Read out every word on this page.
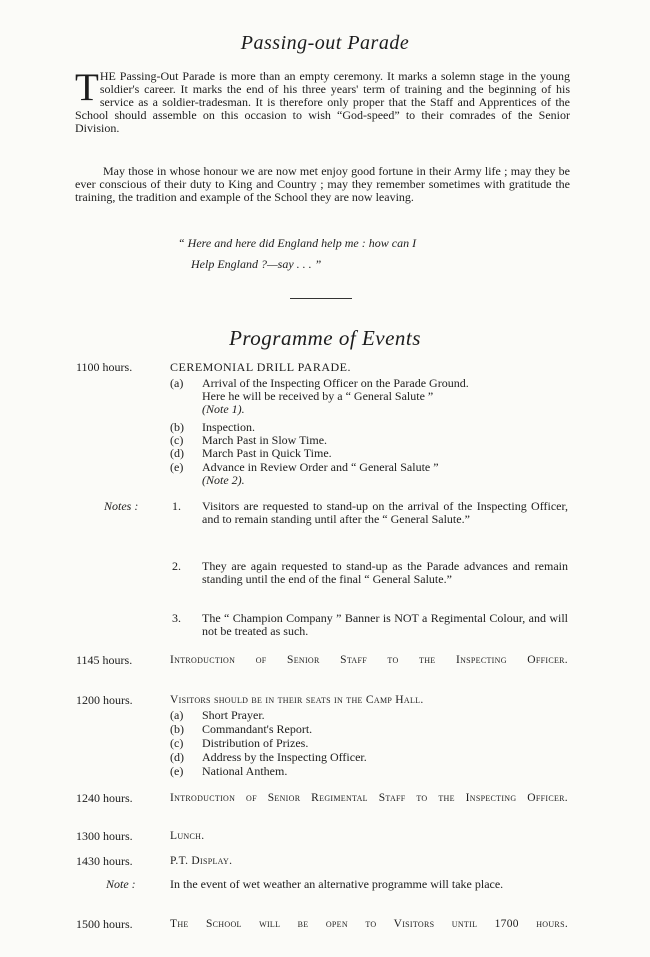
Passing-out Parade
THE Passing-Out Parade is more than an empty ceremony. It marks a solemn stage in the young soldier's career. It marks the end of his three years' term of training and the beginning of his service as a soldier-tradesman. It is therefore only proper that the Staff and Apprentices of the School should assemble on this occasion to wish “God-speed” to their comrades of the Senior Division.
May those in whose honour we are now met enjoy good fortune in their Army life ; may they be ever conscious of their duty to King and Country ; may they remember sometimes with gratitude the training, the tradition and example of the School they are now leaving.
“ Here and here did England help me : how can I
Help England ?—say . . . ”
Programme of Events
1100 hours.	CEREMONIAL DRILL PARADE.
(a)	Arrival of the Inspecting Officer on the Parade Ground.
Here he will be received by a “ General Salute ”
(Note 1).
(b)	Inspection.
(c)	March Past in Slow Time.
(d)	March Past in Quick Time.
(e)	Advance in Review Order and “ General Salute ”
(Note 2).
Notes :	1. Visitors are requested to stand-up on the arrival of the Inspecting Officer, and to remain standing until after the “ General Salute.”
2. They are again requested to stand-up as the Parade advances and remain standing until the end of the final “ General Salute.”
3. The “ Champion Company ” Banner is NOT a Regimental Colour, and will not be treated as such.
1145 hours.	Introduction of Senior Staff to the Inspecting Officer.
1200 hours.	Visitors should be in their seats in the Camp Hall.
(a)	Short Prayer.
(b)	Commandant's Report.
(c)	Distribution of Prizes.
(d)	Address by the Inspecting Officer.
(e)	National Anthem.
1240 hours.	Introduction of Senior Regimental Staff to the Inspecting Officer.
1300 hours.	Lunch.
1430 hours.	P.T. Display.
Note :	In the event of wet weather an alternative programme will take place.
1500 hours.	The School will be open to Visitors until 1700 hours.
